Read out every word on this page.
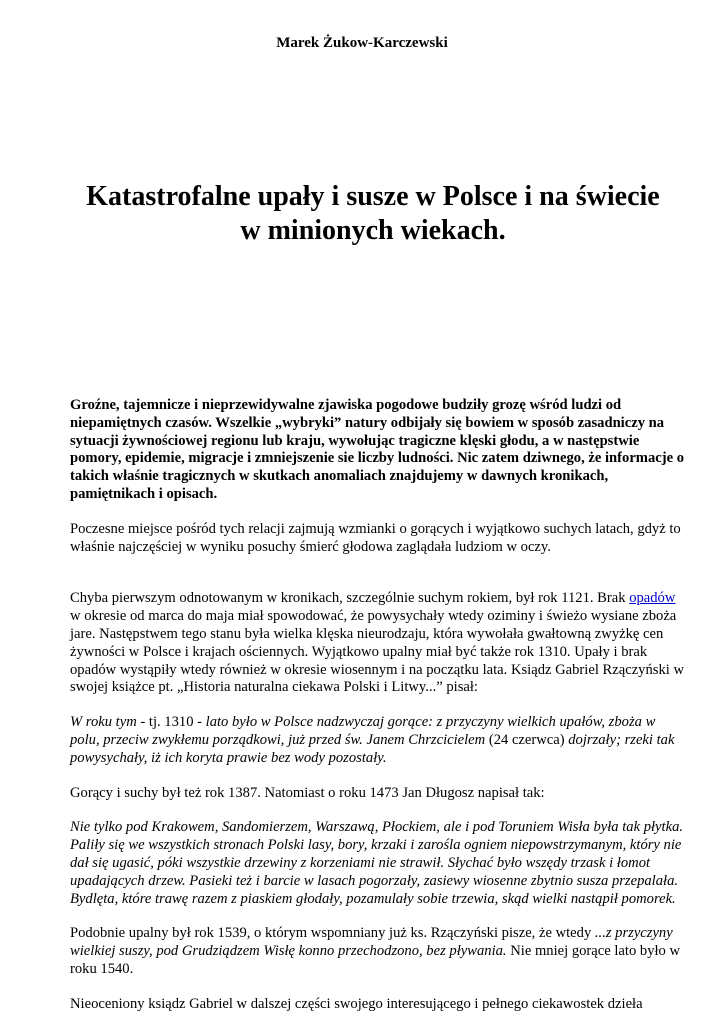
Marek Żukow-Karczewski
Katastrofalne upały i susze w Polsce i na świecie
w minionych wiekach.

Groźne, tajemnicze i nieprzewidywalne zjawiska pogodowe budziły grozę wśród ludzi od niepamiętnych czasów. Wszelkie „wybryki” natury odbijały się bowiem w sposób zasadniczy na sytuacji żywnościowej regionu lub kraju, wywołując tragiczne klęski głodu, a w następstwie pomory, epidemie, migracje i zmniejszenie sie liczby ludności. Nic zatem dziwnego, że informacje o takich właśnie tragicznych w skutkach anomaliach znajdujemy w dawnych kronikach, pamiętnikach i opisach.

Poczesne miejsce pośród tych relacji zajmują wzmianki o gorących i wyjątkowo suchych latach, gdyż to właśnie najczęściej w wyniku posuchy śmierć głodowa zaglądała ludziom w oczy.

Chyba pierwszym odnotowanym w kronikach, szczególnie suchym rokiem, był rok 1121. Brak opadów w okresie od marca do maja miał spowodować, że powysychały wtedy oziminy i świeżo wysiane zboża jare. Następstwem tego stanu była wielka klęska nieurodzaju, która wywołała gwałtowną zwyżkę cen żywności w Polsce i krajach ościennych. Wyjątkowo upalny miał być także rok 1310. Upały i brak opadów wystąpiły wtedy również w okresie wiosennym i na początku lata. Ksiądz Gabriel Rzączyński w swojej książce pt. „Historia naturalna ciekawa Polski i Litwy...” pisał:

W roku tym - tj. 1310 - lato było w Polsce nadzwyczaj gorące: z przyczyny wielkich upałów, zboża w polu, przeciw zwykłemu porządkowi, już przed św. Janem Chrzcicielem (24 czerwca) dojrzały; rzeki tak powysychały, iż ich koryta prawie bez wody pozostały.

Gorący i suchy był też rok 1387. Natomiast o roku 1473 Jan Długosz napisał tak:

Nie tylko pod Krakowem, Sandomierzem, Warszawą, Płockiem, ale i pod Toruniem Wisła była tak płytka. Paliły się we wszystkich stronach Polski lasy, bory, krzaki i zarośla ogniem niepowstrzymanym, który nie dał się ugasić, póki wszystkie drzewiny z korzeniami nie strawił. Słychać było wszędy trzask i łomot upadających drzew. Pasieki też i barcie w lasach pogorzały, zasiewy wiosenne zbytnio susza przepalała. Bydlęta, które trawę razem z piaskiem głodały, pozamulały sobie trzewia, skąd wielki nastąpił pomorek.

Podobnie upalny był rok 1539, o którym wspomniany już ks. Rzączyński pisze, że wtedy ...z przyczyny wielkiej suszy, pod Grudziądzem Wisłę konno przechodzono, bez pływania. Nie mniej gorące lato było w roku 1540.

Nieoceniony ksiądz Gabriel w dalszej części swojego interesującego i pełnego ciekawostek dzieła
